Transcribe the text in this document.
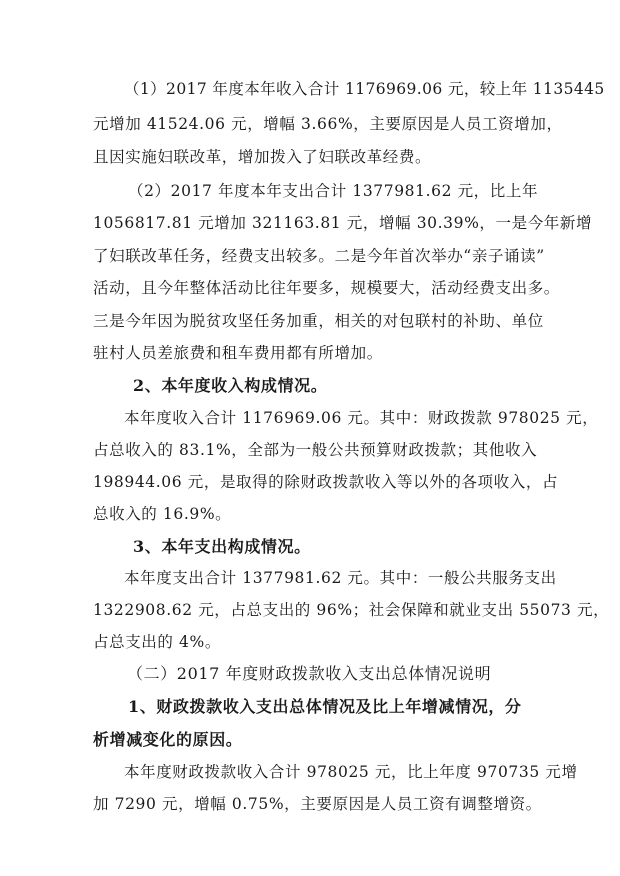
（1）2017 年度本年收入合计 1176969.06 元，较上年 1135445
元增加 41524.06 元，增幅 3.66%，主要原因是人员工资增加，
且因实施妇联改革，增加拨入了妇联改革经费。
（2）2017 年度本年支出合计 1377981.62 元，比上年
1056817.81 元增加 321163.81 元，增幅 30.39%，一是今年新增
了妇联改革任务，经费支出较多。二是今年首次举办“亲子诵读”
活动，且今年整体活动比往年要多，规模要大，活动经费支出多。
三是今年因为脱贫攻坚任务加重，相关的对包联村的补助、单位
驻村人员差旅费和租车费用都有所增加。
2、本年度收入构成情况。
本年度收入合计 1176969.06 元。其中：财政拨款 978025 元，
占总收入的 83.1%，全部为一般公共预算财政拨款；其他收入
198944.06 元，是取得的除财政拨款收入等以外的各项收入，占
总收入的 16.9%。
3、本年支出构成情况。
本年度支出合计 1377981.62 元。其中：一般公共服务支出
1322908.62 元，占总支出的 96%；社会保障和就业支出 55073 元，
占总支出的 4%。
（二）2017 年度财政拨款收入支出总体情况说明
1、财政拨款收入支出总体情况及比上年增减情况，分
析增减变化的原因。
本年度财政拨款收入合计 978025 元，比上年度 970735 元增
加 7290 元，增幅 0.75%，主要原因是人员工资有调整增资。
